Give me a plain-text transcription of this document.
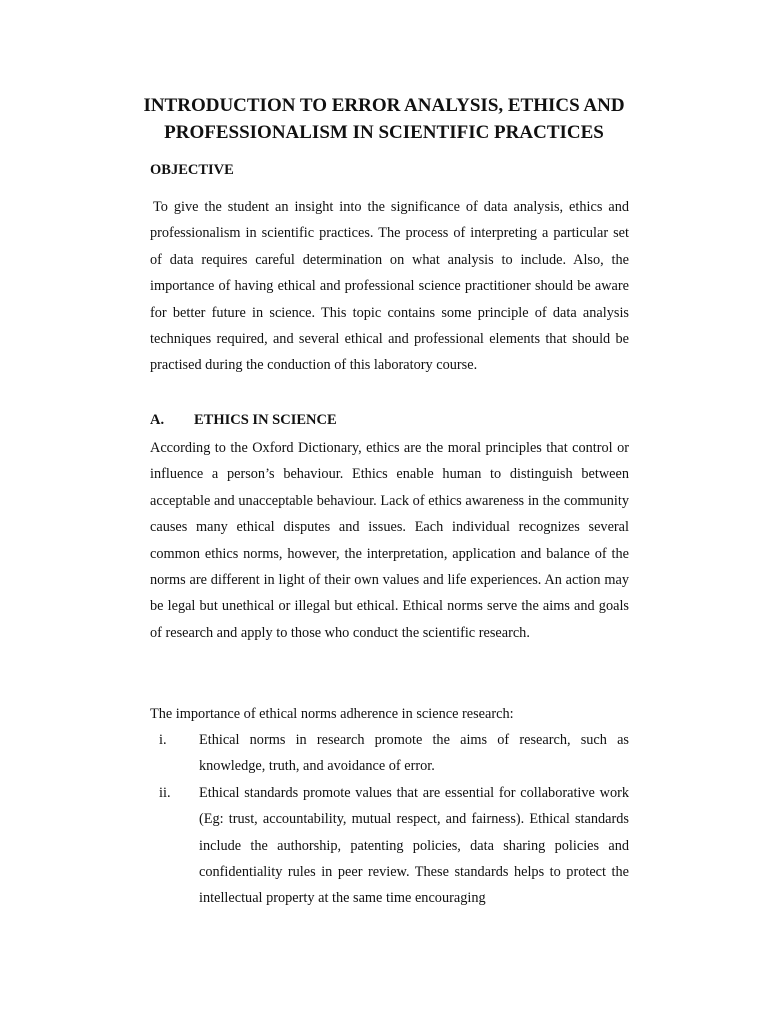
INTRODUCTION TO ERROR ANALYSIS, ETHICS AND
PROFESSIONALISM IN SCIENTIFIC PRACTICES
OBJECTIVE

To give the student an insight into the significance of data analysis, ethics and professionalism in scientific practices. The process of interpreting a particular set of data requires careful determination on what analysis to include. Also, the importance of having ethical and professional science practitioner should be aware for better future in science. This topic contains some principle of data analysis techniques required, and several ethical and professional elements that should be practised during the conduction of this laboratory course.

A. ETHICS IN SCIENCE

According to the Oxford Dictionary, ethics are the moral principles that control or influence a person’s behaviour. Ethics enable human to distinguish between acceptable and unacceptable behaviour. Lack of ethics awareness in the community causes many ethical disputes and issues. Each individual recognizes several common ethics norms, however, the interpretation, application and balance of the norms are different in light of their own values and life experiences. An action may be legal but unethical or illegal but ethical. Ethical norms serve the aims and goals of research and apply to those who conduct the scientific research.

The importance of ethical norms adherence in science research:

i.	Ethical norms in research promote the aims of research, such as knowledge, truth, and avoidance of error.
ii.	Ethical standards promote values that are essential for collaborative work (Eg: trust, accountability, mutual respect, and fairness). Ethical standards include the authorship, patenting policies, data sharing policies and confidentiality rules in peer review. These standards helps to protect the intellectual property at the same time encouraging
